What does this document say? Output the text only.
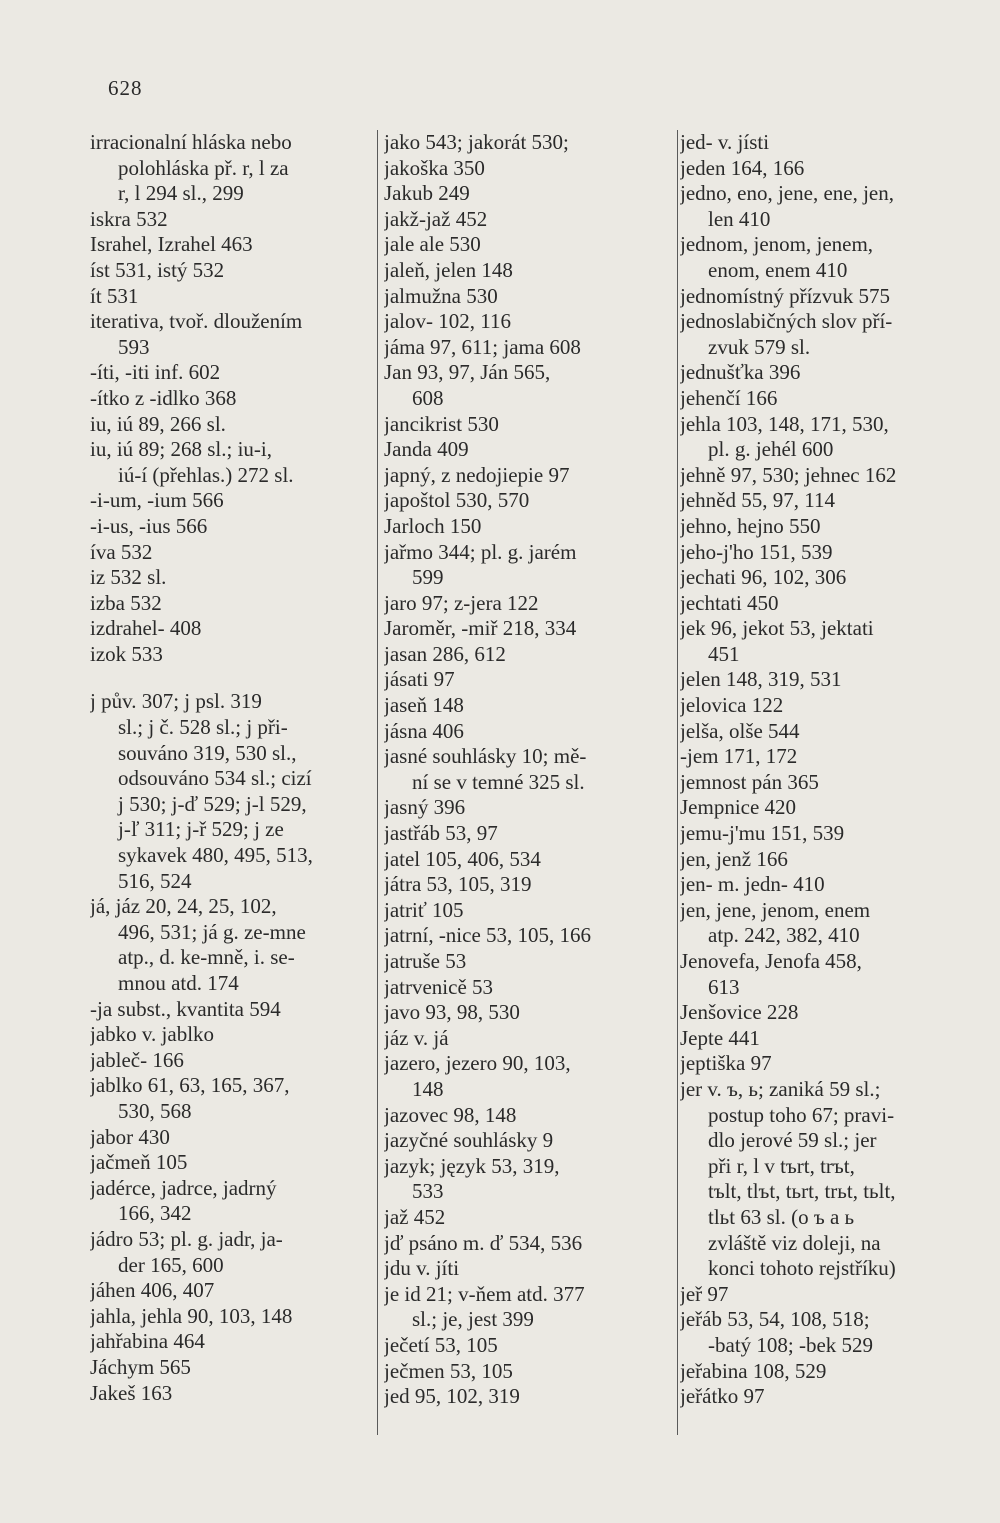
628
irracionalní hláska nebo
polohláska př. r, l za
r, l 294 sl., 299
iskra 532
Israhel, Izrahel 463
íst 531, istý 532
ít 531
iterativa, tvoř. dloužením
593
-íti, -iti inf. 602
-ítko z -idlko 368
iu, iú 89, 266 sl.
iu, iú 89; 268 sl.; iu-i,
iú-í (přehlas.) 272 sl.
-i-um, -ium 566
-i-us, -ius 566
íva 532
iz 532 sl.
izba 532
izdrahel- 408
izok 533
j pův. 307; j psl. 319
sl.; j č. 528 sl.; j při-
souváno 319, 530 sl.,
odsouváno 534 sl.; cizí
j 530; j-ď 529; j-l 529,
j-ľ 311; j-ř 529; j ze
sykavek 480, 495, 513,
516, 524
já, jáz 20, 24, 25, 102,
496, 531; já g. ze-mne
atp., d. ke-mně, i. se-
mnou atd. 174
-ja subst., kvantita 594
jabko v. jablko
jableč- 166
jablko 61, 63, 165, 367,
530, 568
jabor 430
jačmeň 105
jadérce, jadrce, jadrný
166, 342
jádro 53; pl. g. jadr, ja-
der 165, 600
jáhen 406, 407
jahla, jehla 90, 103, 148
jahřabina 464
Jáchym 565
Jakeš 163
jako 543; jakorát 530;
jakoška 350
Jakub 249
jakž-jaž 452
jale ale 530
jaleň, jelen 148
jalmužna 530
jalov- 102, 116
jáma 97, 611; jama 608
Jan 93, 97, Ján 565,
608
jancikrist 530
Janda 409
japný, z nedojiepie 97
japoštol 530, 570
Jarloch 150
jařmo 344; pl. g. jarém
599
jaro 97; z-jera 122
Jaroměr, -miř 218, 334
jasan 286, 612
jásati 97
jaseň 148
jásna 406
jasné souhlásky 10; mě-
ní se v temné 325 sl.
jasný 396
jastřáb 53, 97
jatel 105, 406, 534
játra 53, 105, 319
jatriť 105
jatrní, -nice 53, 105, 166
jatruše 53
jatrvenicě 53
javo 93, 98, 530
jáz v. já
jazero, jezero 90, 103,
148
jazovec 98, 148
jazyčné souhlásky 9
jazyk; język 53, 319,
533
jaž 452
jď psáno m. ď 534, 536
jdu v. jíti
je id 21; v-ňem atd. 377
sl.; je, jest 399
ječetí 53, 105
ječmen 53, 105
jed 95, 102, 319
jed- v. jísti
jeden 164, 166
jedno, eno, jene, ene, jen,
len 410
jednom, jenom, jenem,
enom, enem 410
jednomístný přízvuk 575
jednoslabičných slov pří-
zvuk 579 sl.
jednušťka 396
jehenčí 166
jehla 103, 148, 171, 530,
pl. g. jehél 600
jehně 97, 530; jehnec 162
jehněd 55, 97, 114
jehno, hejno 550
jeho-j'ho 151, 539
jechati 96, 102, 306
jechtati 450
jek 96, jekot 53, jektati
451
jelen 148, 319, 531
jelovica 122
jelša, olše 544
-jem 171, 172
jemnost pán 365
Jempnice 420
jemu-j'mu 151, 539
jen, jenž 166
jen- m. jedn- 410
jen, jene, jenom, enem
atp. 242, 382, 410
Jenovefa, Jenofa 458,
613
Jenšovice 228
Jepte 441
jeptiška 97
jer v. ъ, ь; zaniká 59 sl.;
postup toho 67; pravi-
dlo jerové 59 sl.; jer
při r, l v tъrt, trъt,
tъlt, tlъt, tьrt, trьt, tьlt,
tlьt 63 sl. (o ъ a ь
zvláště viz doleji, na
konci tohoto rejstříku)
jeř 97
jeřáb 53, 54, 108, 518;
-batý 108; -bek 529
jeřabina 108, 529
jeřátko 97
